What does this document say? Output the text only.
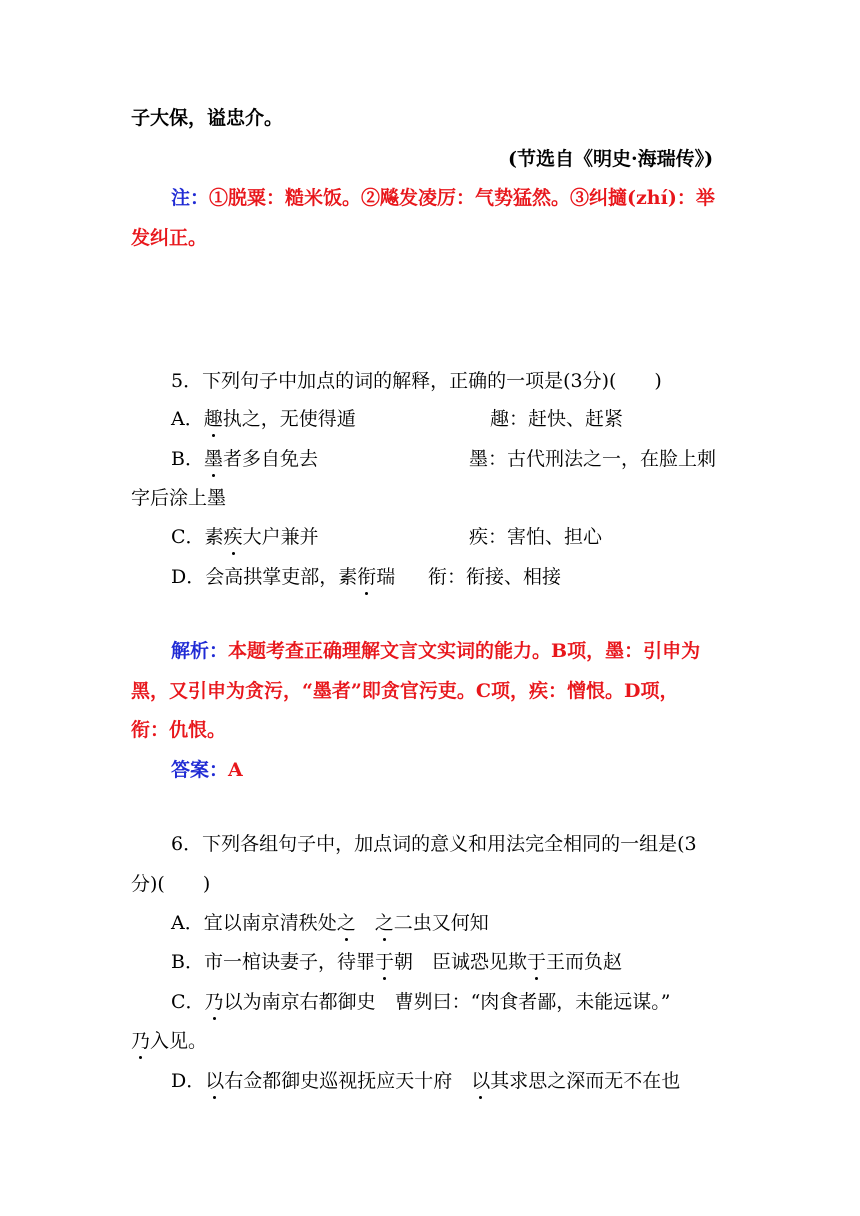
子大保，谥忠介。
(节选自《明史·海瑞传》)
注：①脱粟：糙米饭。②飚发凌厉：气势猛然。③纠擿(zhí)：举
发纠正。
5．下列句子中加点的词的解释，正确的一项是(3分)(　　)
A．趣执之，无使得遁	趣：赶快、赶紧
B．墨者多自免去	墨：古代刑法之一，在脸上刺
字后涂上墨
C．素疾大户兼并	疾：害怕、担心
D．会高拱掌吏部，素衔瑞 衔：衔接、相接
解析：本题考查正确理解文言文实词的能力。B项，墨：引申为
黑，又引申为贪污，“墨者”即贪官污吏。C项，疾：憎恨。D项，
衔：仇恨。
答案：A
6．下列各组句子中，加点词的意义和用法完全相同的一组是(3
分)(　　)
A．宜以南京清秩处之　 之二虫又何知
B．市一棺诀妻子，待罪于朝　臣诚恐见欺于王而负赵
C．乃以为南京右都御史　曹刿曰：“肉食者鄙，未能远谋。”
乃入见。
D．以右佥都御史巡视抚应天十府　以其求思之深而无不在也
